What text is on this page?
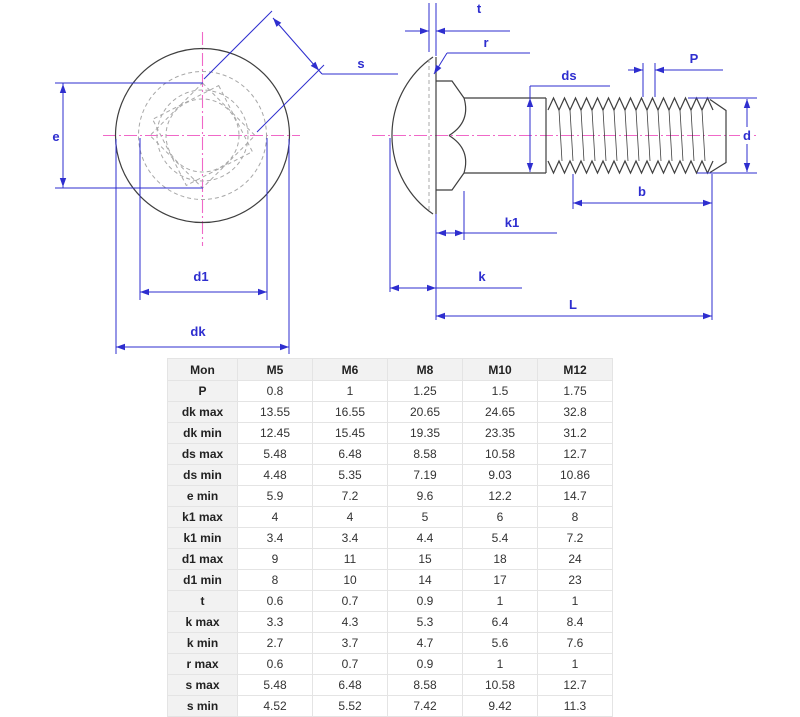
e
s
d1
dk
t
r
ds
P
d
k1
k
b
L
Mon	M5	M6	M8	M10	M12
P	0.8	1	1.25	1.5	1.75
dk max	13.55	16.55	20.65	24.65	32.8
dk min	12.45	15.45	19.35	23.35	31.2
ds max	5.48	6.48	8.58	10.58	12.7
ds min	4.48	5.35	7.19	9.03	10.86
e min	5.9	7.2	9.6	12.2	14.7
k1 max	4	4	5	6	8
k1 min	3.4	3.4	4.4	5.4	7.2
d1 max	9	11	15	18	24
d1 min	8	10	14	17	23
t	0.6	0.7	0.9	1	1
k max	3.3	4.3	5.3	6.4	8.4
k min	2.7	3.7	4.7	5.6	7.6
r max	0.6	0.7	0.9	1	1
s max	5.48	6.48	8.58	10.58	12.7
s min	4.52	5.52	7.42	9.42	11.3
